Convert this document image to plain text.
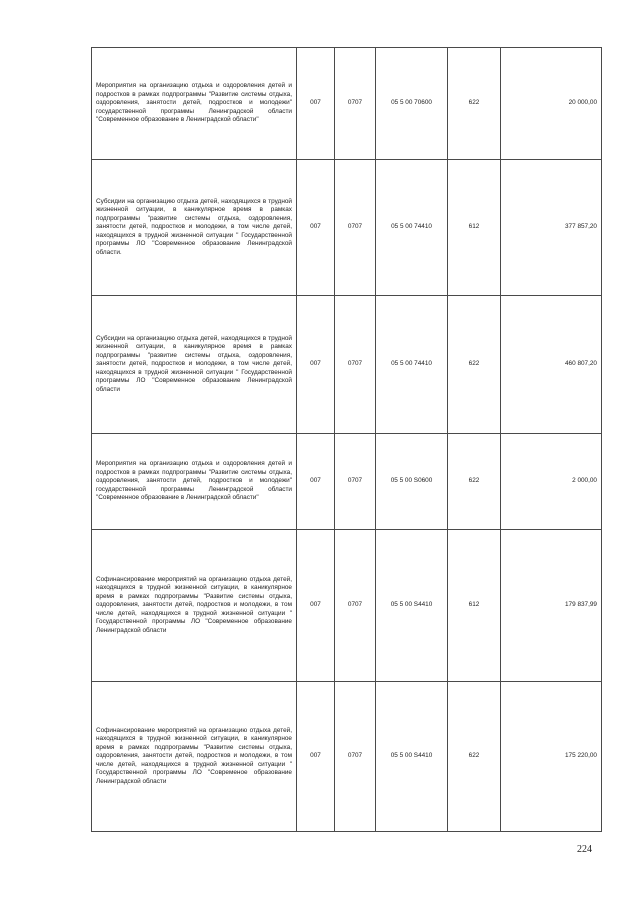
Мероприятия на организацию отдыха и оздоровления детей и подростков в рамках подпрограммы "Развитие системы отдыха, оздоровления, занятости детей, подростков и молодежи" государственной программы Ленинградской области "Современное образование в Ленинградской области"	007	0707	05 5 00 70600	622	20 000,00
Субсидии на организацию отдыха детей, находящихся в трудной жизненной ситуации, в каникулярное время в рамках подпрограммы "развитие системы отдыха, оздоровления, занятости детей, подростков и молодежи, в том числе детей, находящихся в трудной жизненной ситуации " Государственной программы ЛО "Современное образование Ленинградской области.	007	0707	05 5 00 74410	612	377 857,20
Субсидии на организацию отдыха детей, находящихся в трудной жизненной ситуации, в каникулярное время в рамках подпрограммы "развитие системы отдыха, оздоровления, занятости детей, подростков и молодежи, в том числе детей, находящихся в трудной жизненной ситуации " Государственной программы ЛО "Современное образование Ленинградской области	007	0707	05 5 00 74410	622	460 807,20
Мероприятия на организацию отдыха и оздоровления детей и подростков в рамках подпрограммы "Развитие системы отдыха, оздоровления, занятости детей, подростков и молодежи" государственной программы Ленинградской области "Современное образование в Ленинградской области"	007	0707	05 5 00 S0600	622	2 000,00
Софинансирование мероприятий на организацию отдыха детей, находящихся в трудной жизненной ситуации, в каникулярное время в рамках подпрограммы "Развитие системы отдыха, оздоровления, занятости детей, подростков и молодежи, в том числе детей, находящихся в трудной жизненной ситуации " Государственной программы ЛО "Современное образование Ленинградской области	007	0707	05 5 00 S4410	612	179 837,99
Софинансирование мероприятий на организацию отдыха детей, находящихся в трудной жизненной ситуации, в каникулярное время в рамках подпрограммы "Развитие системы отдыха, оздоровления, занятости детей, подростков и молодежи, в том числе детей, находящихся в трудной жизненной ситуации " Государственной программы ЛО "Современое образование Ленинградской области	007	0707	05 5 00 S4410	622	175 220,00
224
